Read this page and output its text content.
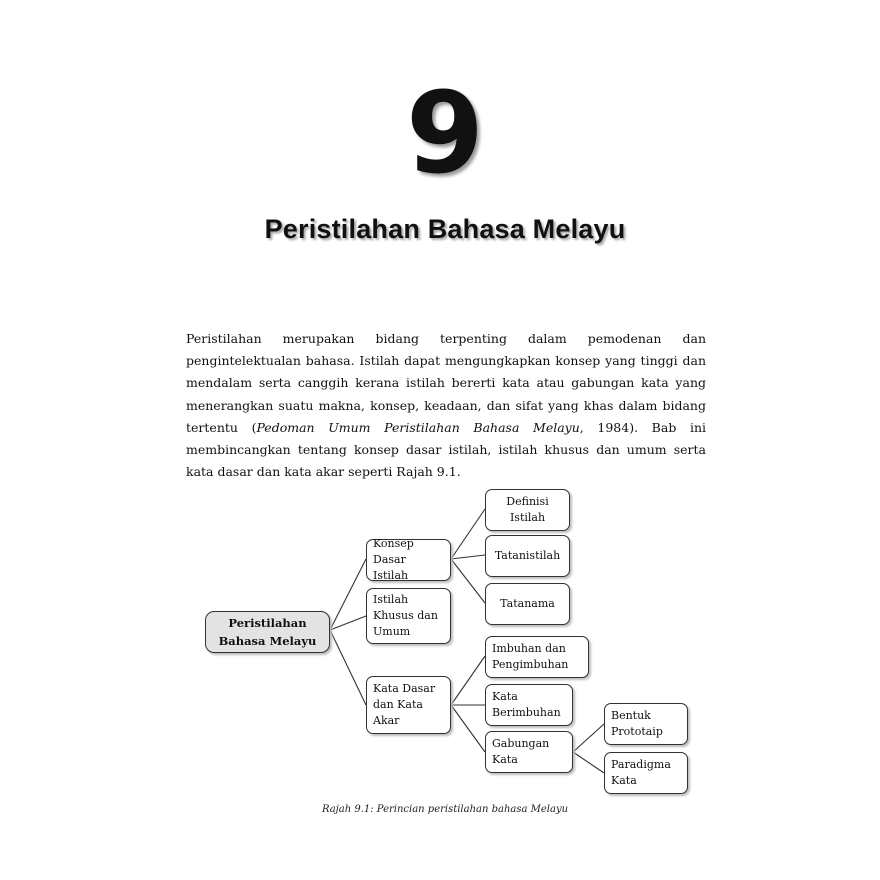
9
Peristilahan Bahasa Melayu

Peristilahan merupakan bidang terpenting dalam pemodenan dan pengintelektualan bahasa. Istilah dapat mengungkapkan konsep yang tinggi dan mendalam serta canggih kerana istilah bererti kata atau gabungan kata yang menerangkan suatu makna, konsep, keadaan, dan sifat yang khas dalam bidang tertentu (Pedoman Umum Peristilahan Bahasa Melayu, 1984). Bab ini membincangkan tentang konsep dasar istilah, istilah khusus dan umum serta kata dasar dan kata akar seperti Rajah 9.1.

Peristilahan Bahasa Melayu
Konsep Dasar Istilah
Istilah Khusus dan Umum
Kata Dasar dan Kata Akar
Definisi Istilah
Tatanistilah
Tatanama
Imbuhan dan Pengimbuhan
Kata Berimbuhan
Gabungan Kata
Bentuk Prototaip
Paradigma Kata
Rajah 9.1: Perincian peristilahan bahasa Melayu
